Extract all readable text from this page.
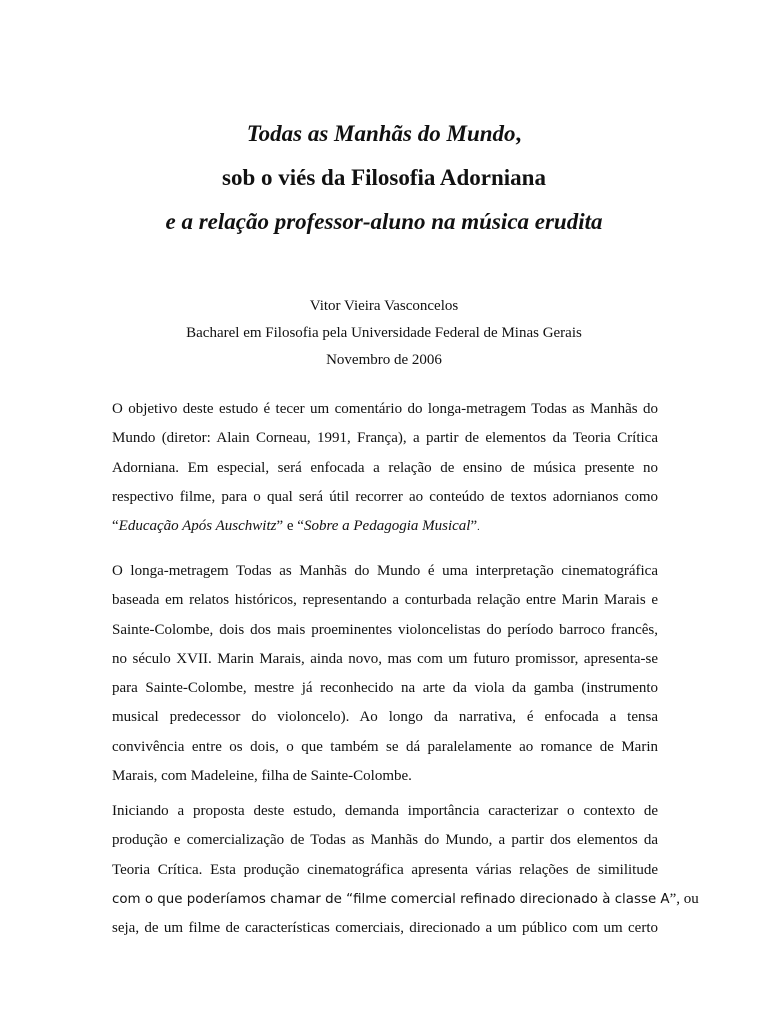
Todas as Manhãs do Mundo,

sob o viés da Filosofia Adorniana

e a relação professor-aluno na música erudita

Vitor Vieira Vasconcelos
Bacharel em Filosofia pela Universidade Federal de Minas Gerais
Novembro de 2006

O objetivo deste estudo é tecer um comentário do longa-metragem Todas as Manhãs do
Mundo (diretor: Alain Corneau, 1991, França), a partir de elementos da Teoria Crítica
Adorniana. Em especial, será enfocada a relação de ensino de música presente no
respectivo filme, para o qual será útil recorrer ao conteúdo de textos adornianos como
“Educação Após Auschwitz” e “Sobre a Pedagogia Musical”.

O longa-metragem Todas as Manhãs do Mundo é uma interpretação cinematográfica
baseada em relatos históricos, representando a conturbada relação entre Marin Marais e
Sainte-Colombe, dois dos mais proeminentes violoncelistas do período barroco francês,
no século XVII. Marin Marais, ainda novo, mas com um futuro promissor, apresenta-se
para Sainte-Colombe, mestre já reconhecido na arte da viola da gamba (instrumento
musical predecessor do violoncelo). Ao longo da narrativa, é enfocada a tensa
convivência entre os dois, o que também se dá paralelamente ao romance de Marin
Marais, com Madeleine, filha de Sainte-Colombe.

Iniciando a proposta deste estudo, demanda importância caracterizar o contexto de
produção e comercialização de Todas as Manhãs do Mundo, a partir dos elementos da
Teoria Crítica. Esta produção cinematográfica apresenta várias relações de similitude
com o que poderíamos chamar de “filme comercial refinado direcionado à classe A”, ou
seja, de um filme de características comerciais, direcionado a um público com um certo
